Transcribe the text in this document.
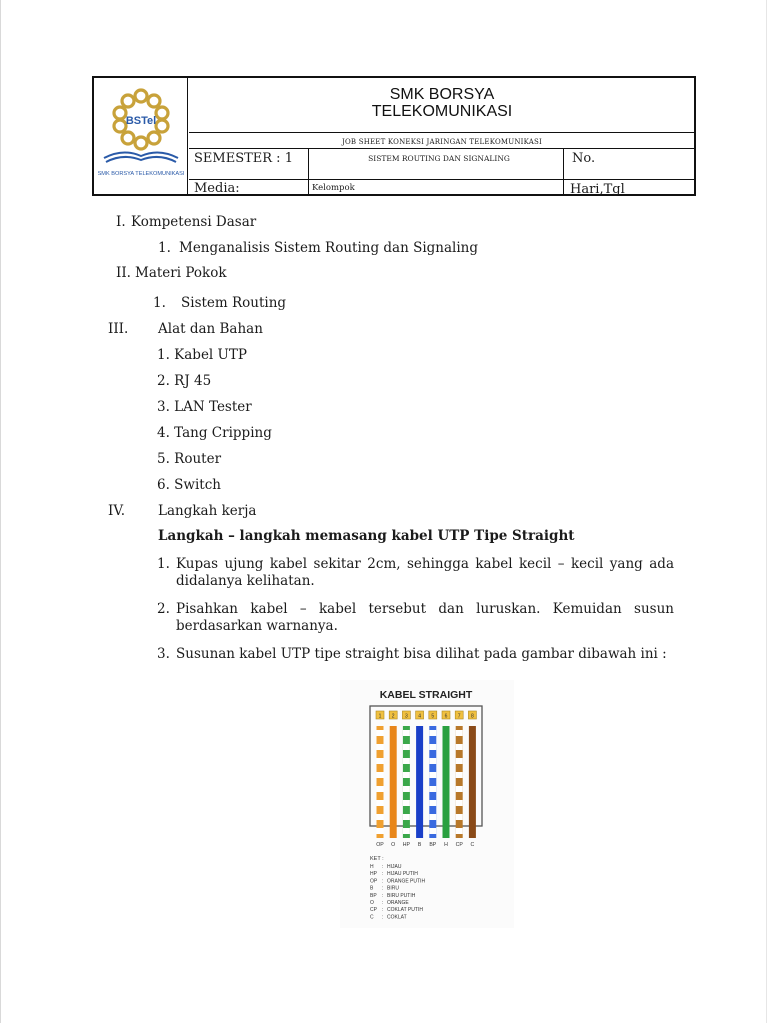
BSTel
SMK BORSYA TELEKOMUNIKASI
SMK BORSYA
TELEKOMUNIKASI
JOB SHEET KONEKSI JARINGAN TELEKOMUNIKASI
SEMESTER : 1	SISTEM ROUTING DAN SIGNALING	No.
Media:	Kelompok	Hari,Tgl
I. Kompetensi Dasar
1. Menganalisis Sistem Routing dan Signaling
II. Materi Pokok
1. Sistem Routing
III. Alat dan Bahan
1. Kabel UTP
2. RJ 45
3. LAN Tester
4. Tang Cripping
5. Router
6. Switch
IV. Langkah kerja
Langkah – langkah memasang kabel UTP Tipe Straight
1. Kupas ujung kabel sekitar 2cm, sehingga kabel kecil – kecil yang ada didalanya kelihatan.
2. Pisahkan kabel – kabel tersebut dan luruskan. Kemuidan susun berdasarkan warnanya.
3. Susunan kabel UTP tipe straight bisa dilihat pada gambar dibawah ini :
KABEL STRAIGHT
1 2 3 4 5 6 7 8
OP O HP B BP H CP C
KET :
H : HIJAU
HP : HIJAU PUTIH
OP : ORANGE PUTIH
B : BIRU
BP : BIRU PUTIH
O : ORANGE
CP : COKLAT PUTIH
C : COKLAT
